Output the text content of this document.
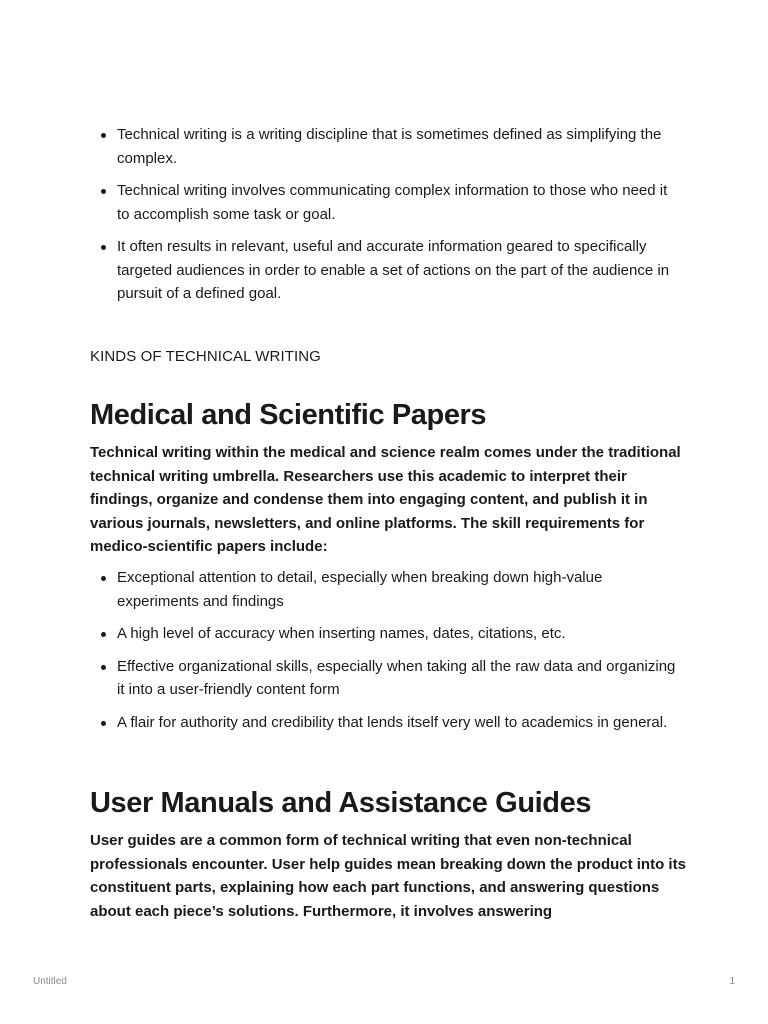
Technical writing is a writing discipline that is sometimes defined as simplifying the complex.
Technical writing involves communicating complex information to those who need it to accomplish some task or goal.
It often results in relevant, useful and accurate information geared to specifically targeted audiences in order to enable a set of actions on the part of the audience in pursuit of a defined goal.
KINDS OF TECHNICAL WRITING
Medical and Scientific Papers

Technical writing within the medical and science realm comes under the traditional technical writing umbrella. Researchers use this academic to interpret their findings, organize and condense them into engaging content, and publish it in various journals, newsletters, and online platforms. The skill requirements for medico-scientific papers include:

Exceptional attention to detail, especially when breaking down high-value experiments and findings
A high level of accuracy when inserting names, dates, citations, etc.
Effective organizational skills, especially when taking all the raw data and organizing it into a user-friendly content form
A flair for authority and credibility that lends itself very well to academics in general.
User Manuals and Assistance Guides

User guides are a common form of technical writing that even non-technical professionals encounter. User help guides mean breaking down the product into its constituent parts, explaining how each part functions, and answering questions about each piece’s solutions. Furthermore, it involves answering

Untitled	1
